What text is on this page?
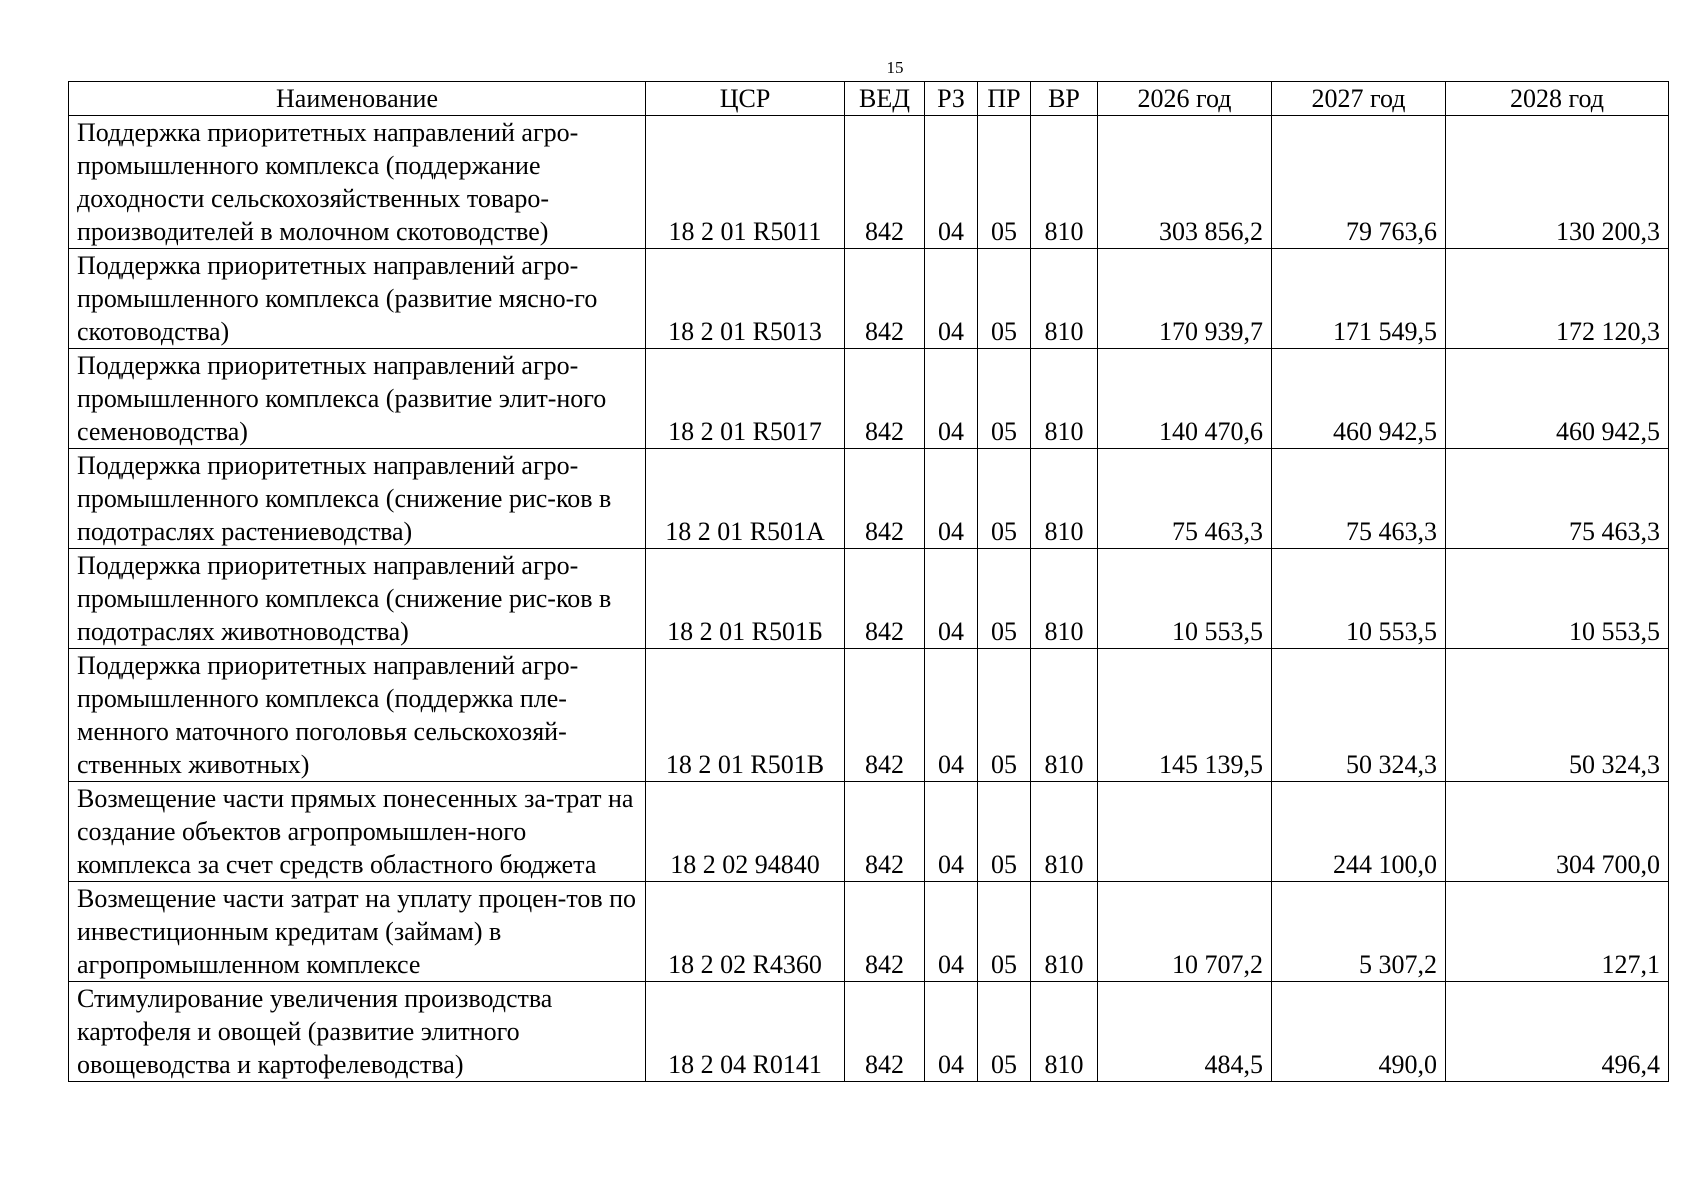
15
Наименование	ЦСР	ВЕД	РЗ	ПР	ВР	2026 год	2027 год	2028 год
Поддержка приоритетных направлений агро-промышленного комплекса (поддержание доходности сельскохозяйственных товаро-производителей в молочном скотоводстве)	18 2 01 R5011	842	04	05	810	303 856,2	79 763,6	130 200,3
Поддержка приоритетных направлений агро-промышленного комплекса (развитие мясно-го скотоводства)	18 2 01 R5013	842	04	05	810	170 939,7	171 549,5	172 120,3
Поддержка приоритетных направлений агро-промышленного комплекса (развитие элит-ного семеноводства)	18 2 01 R5017	842	04	05	810	140 470,6	460 942,5	460 942,5
Поддержка приоритетных направлений агро-промышленного комплекса (снижение рис-ков в подотраслях растениеводства)	18 2 01 R501А	842	04	05	810	75 463,3	75 463,3	75 463,3
Поддержка приоритетных направлений агро-промышленного комплекса (снижение рис-ков в подотраслях животноводства)	18 2 01 R501Б	842	04	05	810	10 553,5	10 553,5	10 553,5
Поддержка приоритетных направлений агро-промышленного комплекса (поддержка пле-менного маточного поголовья сельскохозяй-ственных животных)	18 2 01 R501В	842	04	05	810	145 139,5	50 324,3	50 324,3
Возмещение части прямых понесенных за-трат на создание объектов агропромышлен-ного комплекса за счет средств областного бюджета	18 2 02 94840	842	04	05	810		244 100,0	304 700,0
Возмещение части затрат на уплату процен-тов по инвестиционным кредитам (займам) в агропромышленном комплексе	18 2 02 R4360	842	04	05	810	10 707,2	5 307,2	127,1
Стимулирование увеличения производства картофеля и овощей (развитие элитного овощеводства и картофелеводства)	18 2 04 R0141	842	04	05	810	484,5	490,0	496,4
